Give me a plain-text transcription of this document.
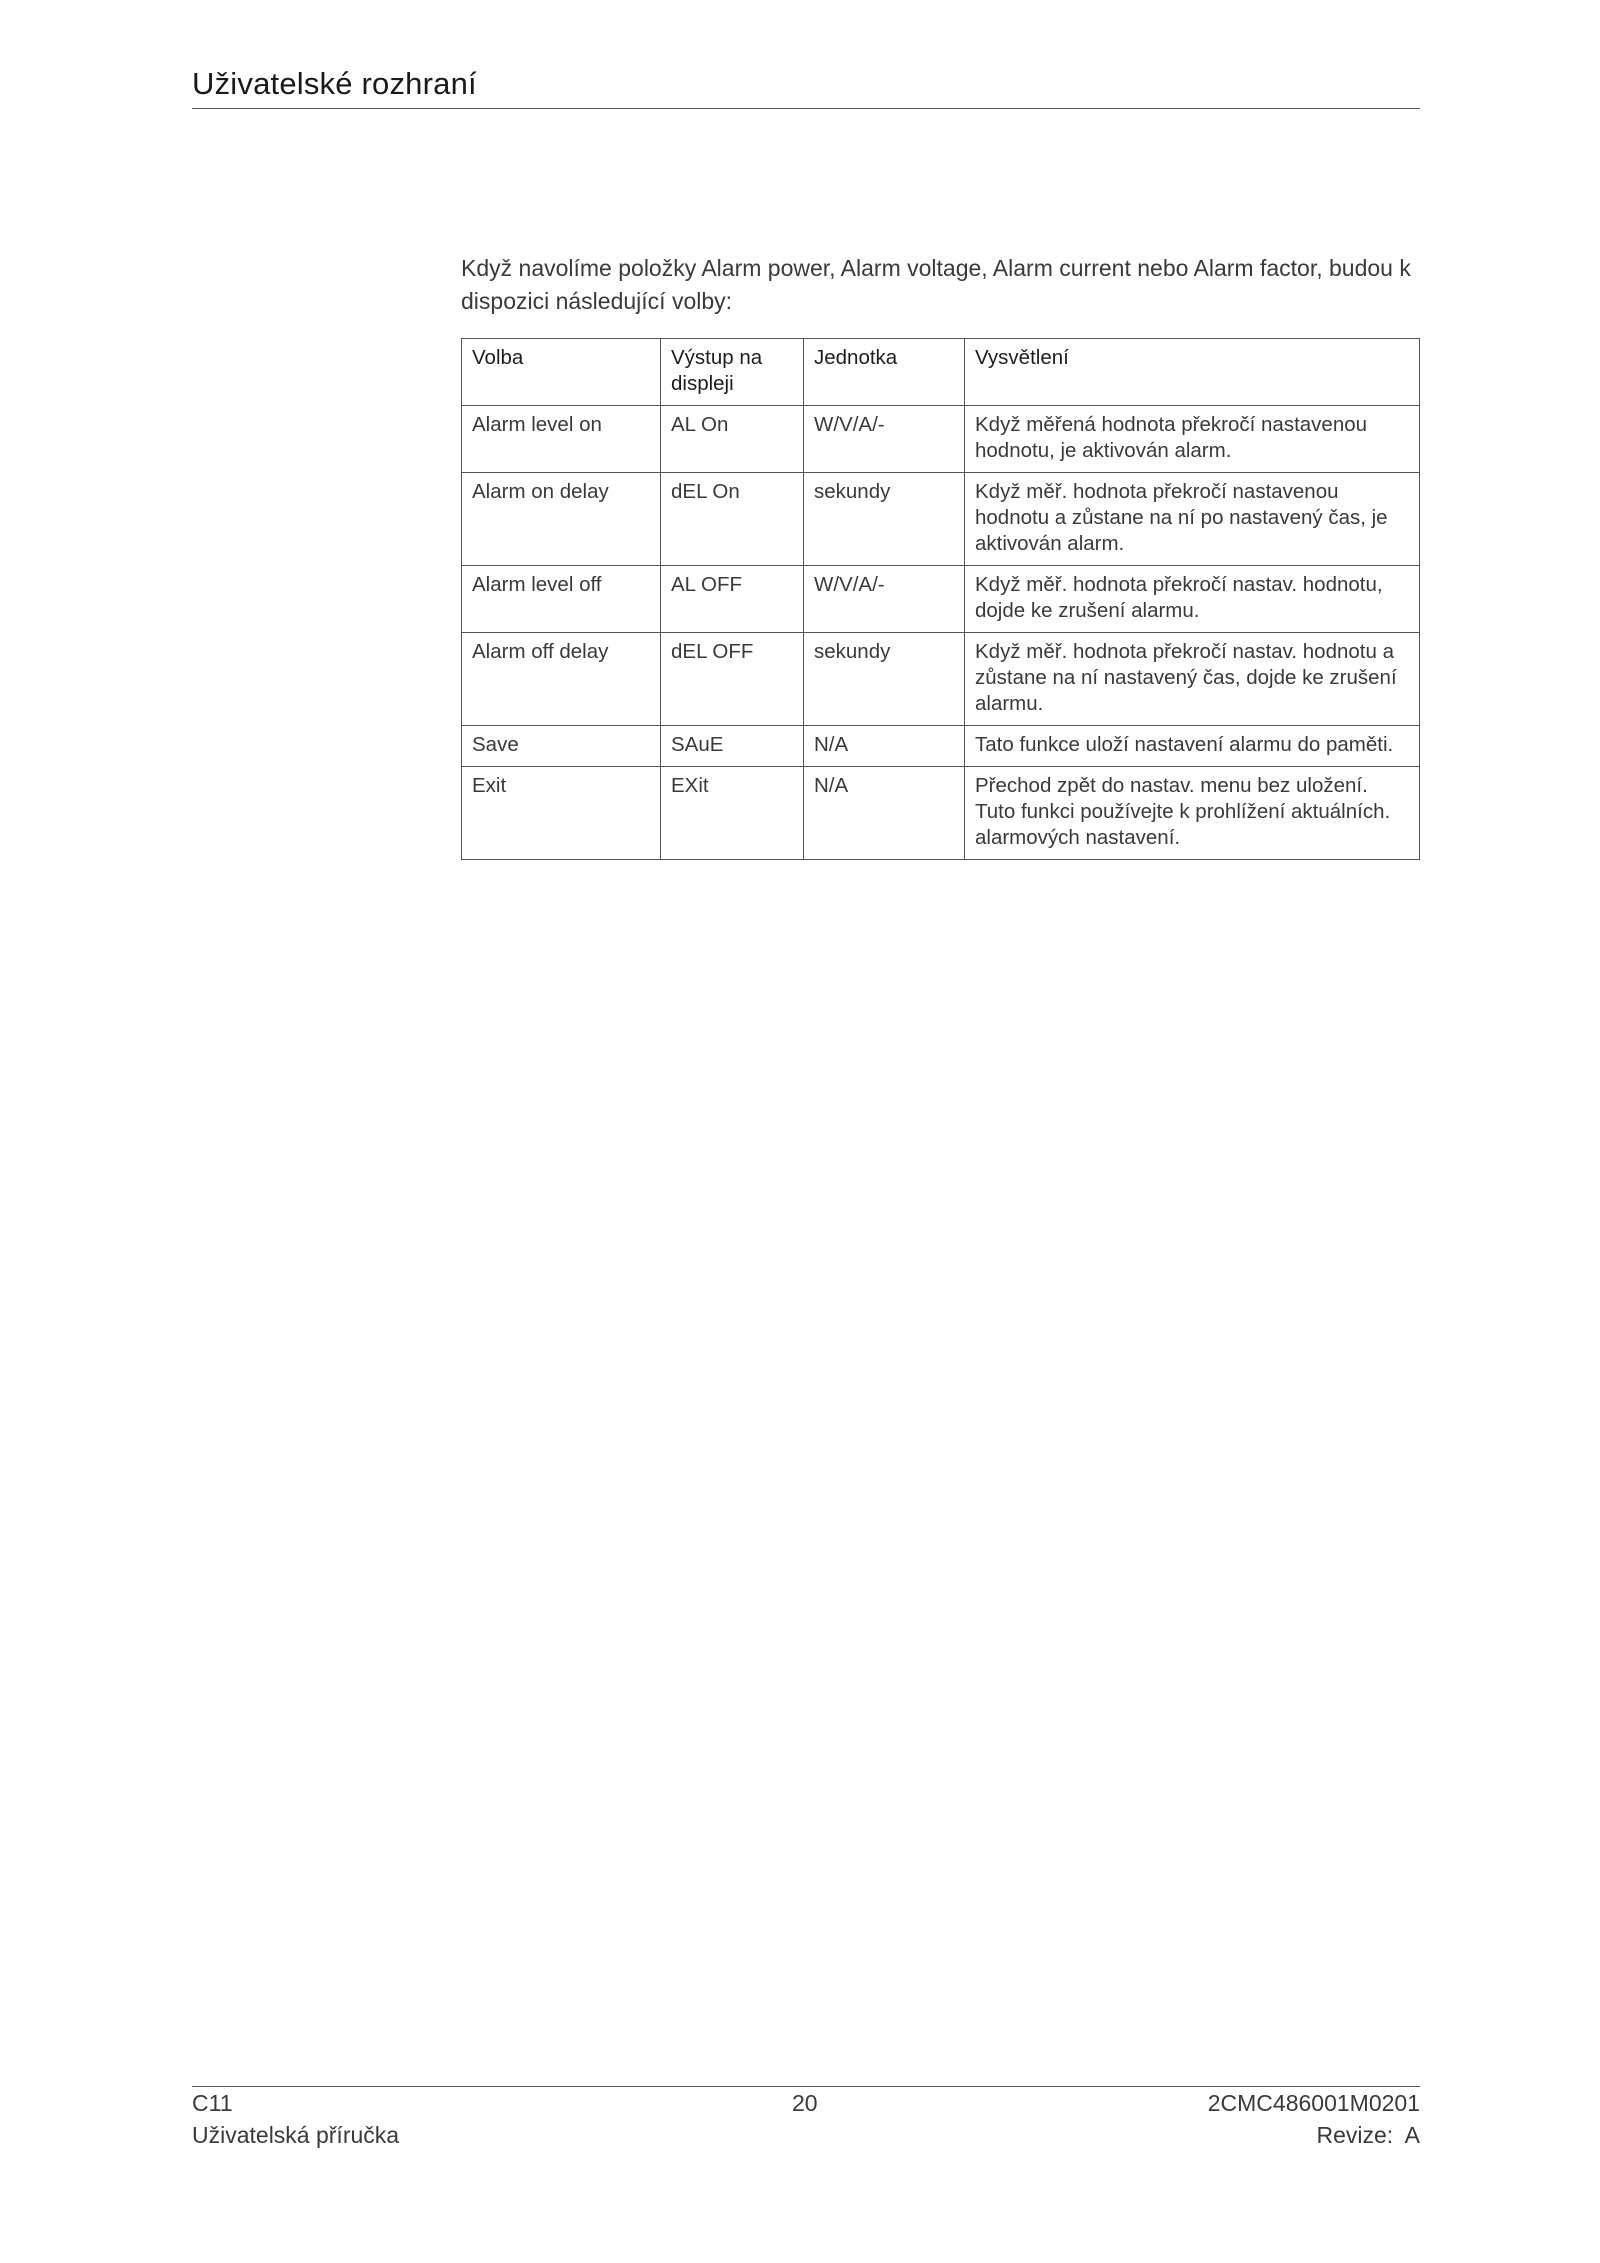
Uživatelské rozhraní

Když navolíme položky Alarm power, Alarm voltage, Alarm current nebo Alarm factor, budou k dispozici následující volby:

Volba	Výstup na displeji	Jednotka	Vysvětlení
Alarm level on	AL On	W/V/A/-	Když měřená hodnota překročí nastavenou hodnotu, je aktivován alarm.
Alarm on delay	dEL On	sekundy	Když měř. hodnota překročí nastavenou hodnotu a zůstane na ní po nastavený čas, je aktivován alarm.
Alarm level off	AL OFF	W/V/A/-	Když měř. hodnota překročí nastav. hodnotu, dojde ke zrušení alarmu.
Alarm off delay	dEL OFF	sekundy	Když měř. hodnota překročí nastav. hodnotu a zůstane na ní nastavený čas, dojde ke zrušení alarmu.
Save	SAuE	N/A	Tato funkce uloží nastavení alarmu do paměti.
Exit	EXit	N/A	Přechod zpět do nastav. menu bez uložení. Tuto funkci používejte k prohlížení aktuálních. alarmových nastavení.
C11
Uživatelská příručka
20	2CMC486001M0201
Revize:  A
